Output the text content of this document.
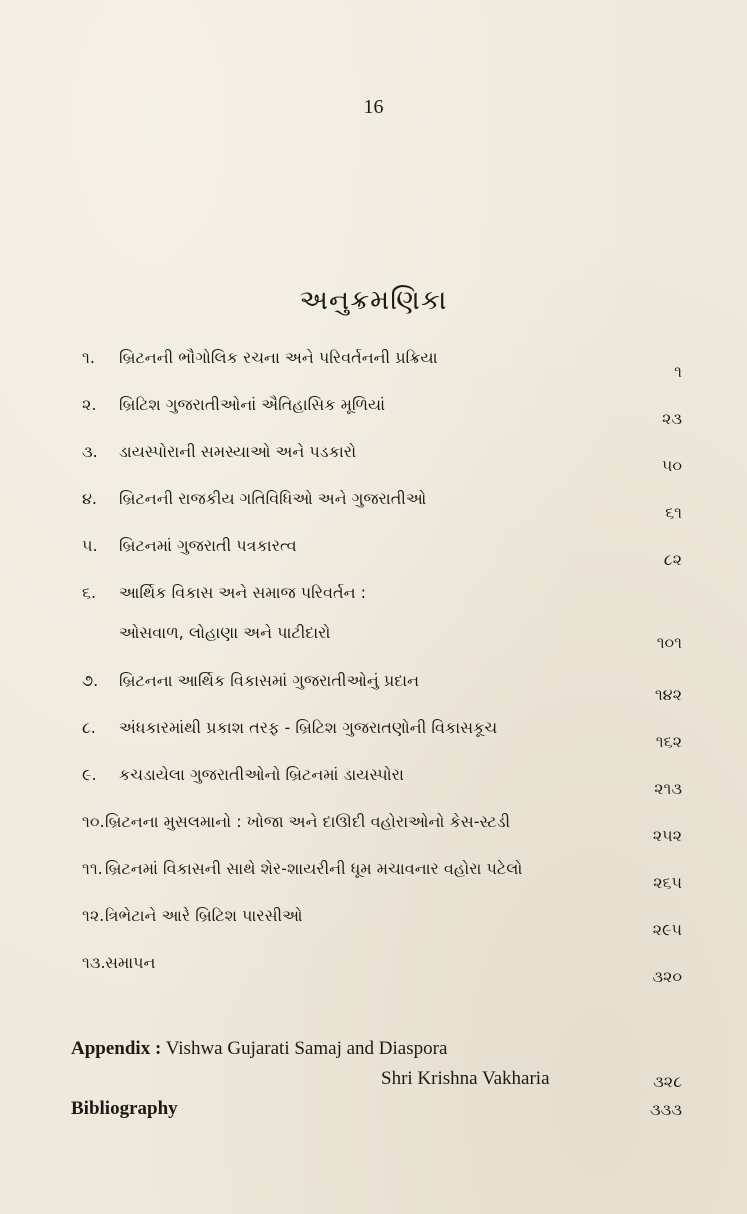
16
અનુક્રમણિકા
૧. બ્રિટનની ભૌગોલિક રચના અને પરિવર્તનની પ્રક્રિયા
૧
૨. બ્રિટિશ ગુજરાતીઓનાં ઐતિહાસિક મૂળિયાં
૨૩
૩. ડાયસ્પોરાની સમસ્યાઓ અને પડકારો
૫૦
૪. બ્રિટનની રાજકીય ગતિવિધિઓ અને ગુજરાતીઓ
૬૧
૫. બ્રિટનમાં ગુજરાતી પત્રકારત્વ
૮૨
૬. આર્થિક વિકાસ અને સમાજ પરિવર્તન :
ઓસવાળ, લોહાણા અને પાટીદારો
૧૦૧
૭. બ્રિટનના આર્થિક વિકાસમાં ગુજરાતીઓનું પ્રદાન
૧૪૨
૮. અંધકારમાંથી પ્રકાશ તરફ - બ્રિટિશ ગુજરાતણોની વિકાસકૂચ
૧૬૨
૯. કચડાયેલા ગુજરાતીઓનો બ્રિટનમાં ડાયસ્પોરા
૨૧૩
૧૦. બ્રિટનના મુસલમાનો : ખોજા અને દાઊદી વહોરાઓનો કેસ-સ્ટડી
૨૫૨
૧૧. બ્રિટનમાં વિકાસની સાથે શેર-શાયરીની ધૂમ મચાવનાર વહોરા પટેલો
૨૬૫
૧૨. ત્રિભેટાને આરે બ્રિટિશ પારસીઓ
૨૯૫
૧૩. સમાપન
૩૨૦
Appendix : Vishwa Gujarati Samaj and Diaspora
Shri Krishna Vakharia	૩૨૮
Bibliography	૩૩૩
